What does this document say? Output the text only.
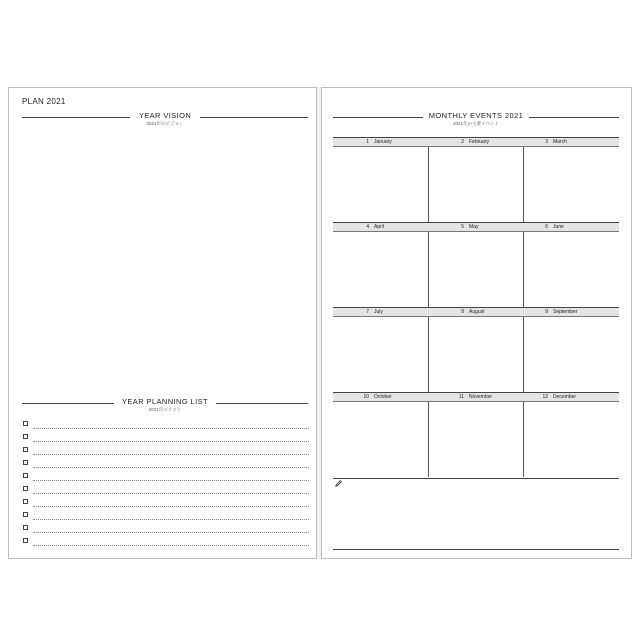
PLAN 2021
YEAR VISION
2021年のビジョン
YEAR PLANNING LIST
2021年のリスト
MONTHLY EVENTS 2021
2021年の主要イベント
1 January	2 February	3 March
4 April	5 May	6 June
7 July	8 August	9 September
10 October	11 November	12 December
